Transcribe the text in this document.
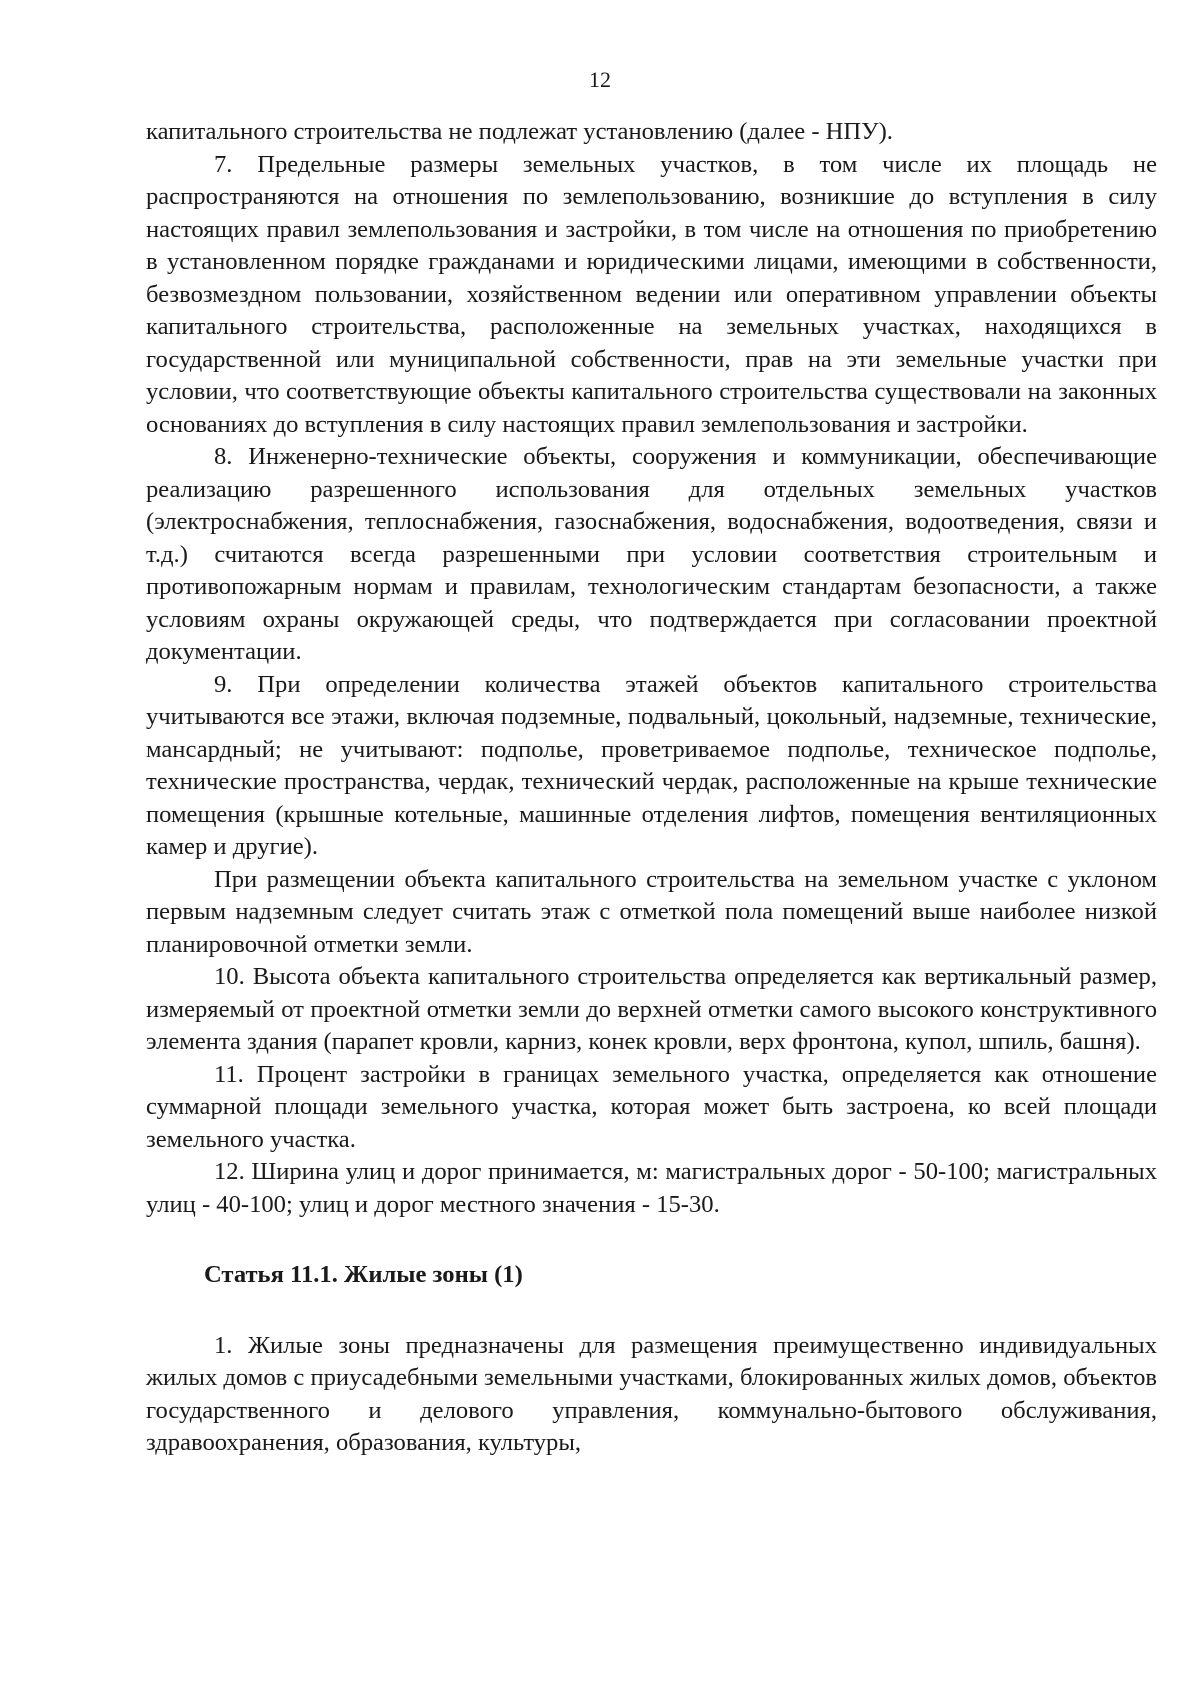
12

капитального строительства не подлежат установлению (далее - НПУ).

7. Предельные размеры земельных участков, в том числе их площадь не распространяются на отношения по землепользованию, возникшие до вступления в силу настоящих правил землепользования и застройки, в том числе на отношения по приобретению в установленном порядке гражданами и юридическими лицами, имеющими в собственности, безвозмездном пользовании, хозяйственном ведении или оперативном управлении объекты капитального строительства, расположенные на земельных участках, находящихся в государственной или муниципальной собственности, прав на эти земельные участки при условии, что соответствующие объекты капитального строительства существовали на законных основаниях до вступления в силу настоящих правил землепользования и застройки.

8. Инженерно-технические объекты, сооружения и коммуникации, обеспечивающие реализацию разрешенного использования для отдельных земельных участков (электроснабжения, теплоснабжения, газоснабжения, водоснабжения, водоотведения, связи и т.д.) считаются всегда разрешенными при условии соответствия строительным и противопожарным нормам и правилам, технологическим стандартам безопасности, а также условиям охраны окружающей среды, что подтверждается при согласовании проектной документации.

9. При определении количества этажей объектов капитального строительства учитываются все этажи, включая подземные, подвальный, цокольный, надземные, технические, мансардный; не учитывают: подполье, проветриваемое подполье, техническое подполье, технические пространства, чердак, технический чердак, расположенные на крыше технические помещения (крышные котельные, машинные отделения лифтов, помещения вентиляционных камер и другие).

При размещении объекта капитального строительства на земельном участке с уклоном первым надземным следует считать этаж с отметкой пола помещений выше наиболее низкой планировочной отметки земли.

10. Высота объекта капитального строительства определяется как вертикальный размер, измеряемый от проектной отметки земли до верхней отметки самого высокого конструктивного элемента здания (парапет кровли, карниз, конек кровли, верх фронтона, купол, шпиль, башня).

11. Процент застройки в границах земельного участка, определяется как отношение суммарной площади земельного участка, которая может быть застроена, ко всей площади земельного участка.

12. Ширина улиц и дорог принимается, м: магистральных дорог - 50-100; магистральных улиц - 40-100; улиц и дорог местного значения - 15-30.

Статья 11.1. Жилые зоны (1)

1. Жилые зоны предназначены для размещения преимущественно индивидуальных жилых домов с приусадебными земельными участками, блокированных жилых домов, объектов государственного и делового управления, коммунально-бытового обслуживания, здравоохранения, образования, культуры,
